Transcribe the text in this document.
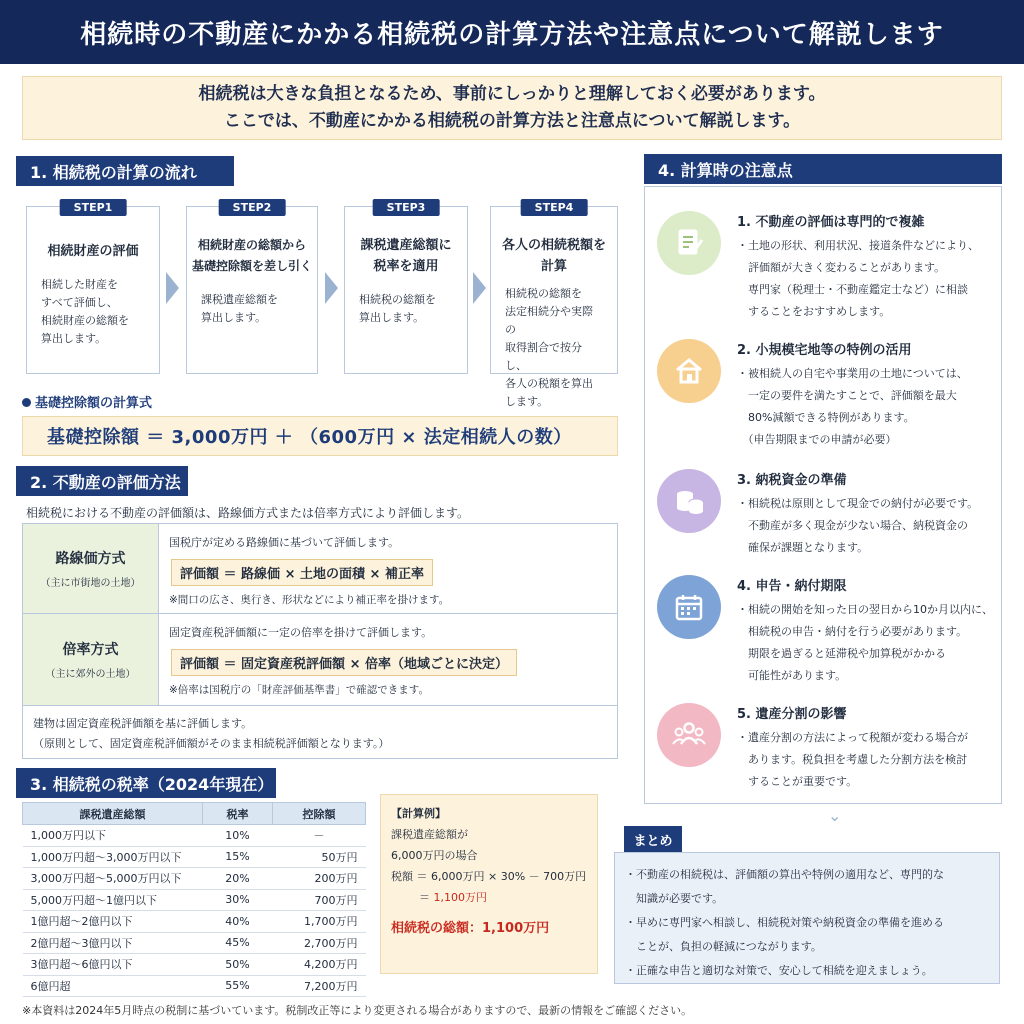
相続時の不動産にかかる相続税の計算方法や注意点について解説します
相続税は大きな負担となるため、事前にしっかりと理解しておく必要があります。
ここでは、不動産にかかる相続税の計算方法と注意点について解説します。
1. 相続税の計算の流れ
STEP1
相続財産の評価
相続した財産を
すべて評価し、
相続財産の総額を
算出します。
STEP2
相続財産の総額から
基礎控除額を差し引く
課税遺産総額を
算出します。
STEP3
課税遺産総額に
税率を適用
相続税の総額を
算出します。
STEP4
各人の相続税額を
計算
相続税の総額を
法定相続分や実際の
取得割合で按分し、
各人の税額を算出
します。
基礎控除額の計算式
基礎控除額 ＝ 3,000万円 ＋ （600万円 × 法定相続人の数）
2. 不動産の評価方法
相続税における不動産の評価額は、路線価方式または倍率方式により評価します。
路線価方式
（主に市街地の土地）
国税庁が定める路線価に基づいて評価します。
評価額 ＝ 路線価 × 土地の面積 × 補正率
※間口の広さ、奥行き、形状などにより補正率を掛けます。
倍率方式
（主に郊外の土地）
固定資産税評価額に一定の倍率を掛けて評価します。
評価額 ＝ 固定資産税評価額 × 倍率（地域ごとに決定）
※倍率は国税庁の「財産評価基準書」で確認できます。
建物は固定資産税評価額を基に評価します。
（原則として、固定資産税評価額がそのまま相続税評価額となります。）
3. 相続税の税率（2024年現在）
課税遺産総額	税率	控除額
1,000万円以下	10%	－
1,000万円超～3,000万円以下	15%	50万円
3,000万円超～5,000万円以下	20%	200万円
5,000万円超～1億円以下	30%	700万円
1億円超～2億円以下	40%	1,700万円
2億円超～3億円以下	45%	2,700万円
3億円超～6億円以下	50%	4,200万円
6億円超	55%	7,200万円
【計算例】
課税遺産総額が
6,000万円の場合
税額 ＝ 6,000万円 × 30% － 700万円
＝ 1,100万円
相続税の総額：1,100万円
4. 計算時の注意点
1. 不動産の評価は専門的で複雑
・土地の形状、利用状況、接道条件などにより、
　評価額が大きく変わることがあります。
　専門家（税理士・不動産鑑定士など）に相談
　することをおすすめします。
2. 小規模宅地等の特例の活用
・被相続人の自宅や事業用の土地については、
　一定の要件を満たすことで、評価額を最大
　80%減額できる特例があります。
　（申告期限までの申請が必要）
3. 納税資金の準備
・相続税は原則として現金での納付が必要です。
　不動産が多く現金が少ない場合、納税資金の
　確保が課題となります。
4. 申告・納付期限
・相続の開始を知った日の翌日から10か月以内に、
　相続税の申告・納付を行う必要があります。
　期限を過ぎると延滞税や加算税がかかる
　可能性があります。
5. 遺産分割の影響
・遺産分割の方法によって税額が変わる場合が
　あります。税負担を考慮した分割方法を検討
　することが重要です。
⌄
まとめ
・不動産の相続税は、評価額の算出や特例の適用など、専門的な
　知識が必要です。
・早めに専門家へ相談し、相続税対策や納税資金の準備を進める
　ことが、負担の軽減につながります。
・正確な申告と適切な対策で、安心して相続を迎えましょう。
※本資料は2024年5月時点の税制に基づいています。税制改正等により変更される場合がありますので、最新の情報をご確認ください。
